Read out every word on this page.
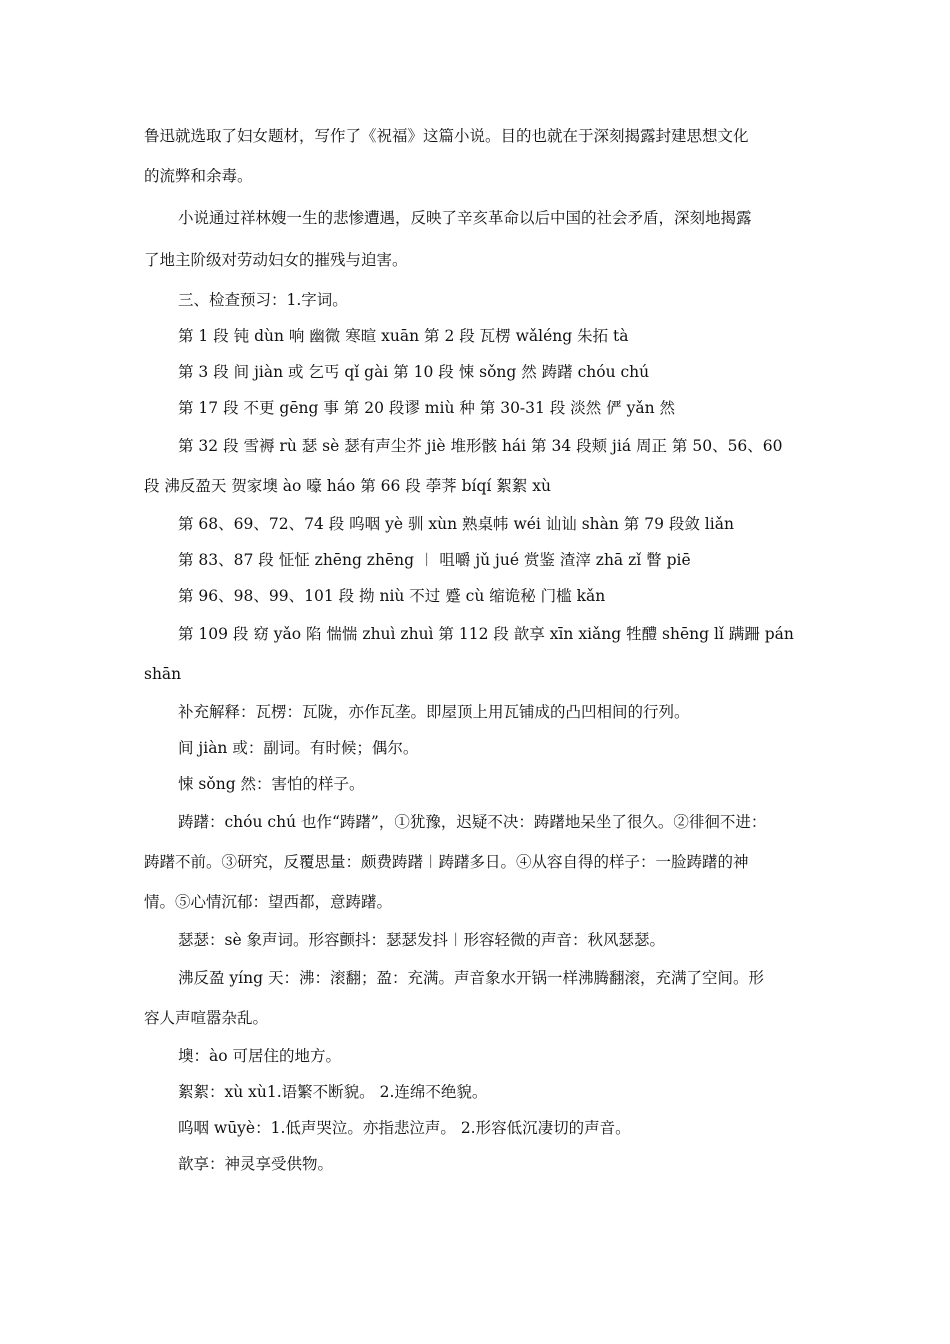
鲁迅就选取了妇女题材，写作了《祝福》这篇小说。目的也就在于深刻揭露封建思想文化
的流弊和余毒。
小说通过祥林嫂一生的悲惨遭遇，反映了辛亥革命以后中国的社会矛盾，深刻地揭露
了地主阶级对劳动妇女的摧残与迫害。
三、检查预习：1.字词。
第 1 段 钝 dùn 响 幽微 寒暄 xuān 第 2 段 瓦楞 wǎléng 朱拓 tà
第 3 段 间 jiàn 或 乞丐 qǐ gài 第 10 段 悚 sǒng 然 踌躇 chóu chú
第 17 段 不更 gēng 事 第 20 段谬 miù 种 第 30-31 段 淡然 俨 yǎn 然
第 32 段 雪褥 rù 瑟 sè 瑟有声尘芥 jiè 堆形骸 hái 第 34 段颊 jiá 周正 第 50、56、60
段 沸反盈天 贺家墺 ào 嚎 háo 第 66 段 荸荠 bíqí 絮絮 xù
第 68、69、72、74 段 呜咽 yè 驯 xùn 熟桌帏 wéi 讪讪 shàn 第 79 段敛 liǎn
第 83、87 段 怔怔 zhēng zhēng ︱ 咀嚼 jǔ jué 赏鉴 渣滓 zhā zǐ 瞥 piē
第 96、98、99、101 段 拗 niù 不过 蹙 cù 缩诡秘 门槛 kǎn
第 109 段 窈 yǎo 陷 惴惴 zhuì zhuì 第 112 段 歆享 xīn xiǎng 牲醴 shēng lǐ 蹒跚 pán
shān
补充解释：瓦楞：瓦陇，亦作瓦垄。即屋顶上用瓦铺成的凸凹相间的行列。
间 jiàn 或：副词。有时候；偶尔。
悚 sǒng 然：害怕的样子。
踌躇：chóu chú 也作“踌躇”，①犹豫，迟疑不决：踌躇地呆坐了很久。②徘徊不进：
踌躇不前。③研究，反覆思量：颇费踌躇︱踌躇多日。④从容自得的样子：一脸踌躇的神
情。⑤心情沉郁：望西都，意踌躇。
瑟瑟：sè 象声词。形容颤抖：瑟瑟发抖︱形容轻微的声音：秋风瑟瑟。
沸反盈 yíng 天：沸：滚翻；盈：充满。声音象水开锅一样沸腾翻滚，充满了空间。形
容人声喧嚣杂乱。
墺：ào 可居住的地方。
絮絮：xù xù1.语繁不断貌。 2.连绵不绝貌。
呜咽 wūyè：1.低声哭泣。亦指悲泣声。 2.形容低沉凄切的声音。
歆享：神灵享受供物。
